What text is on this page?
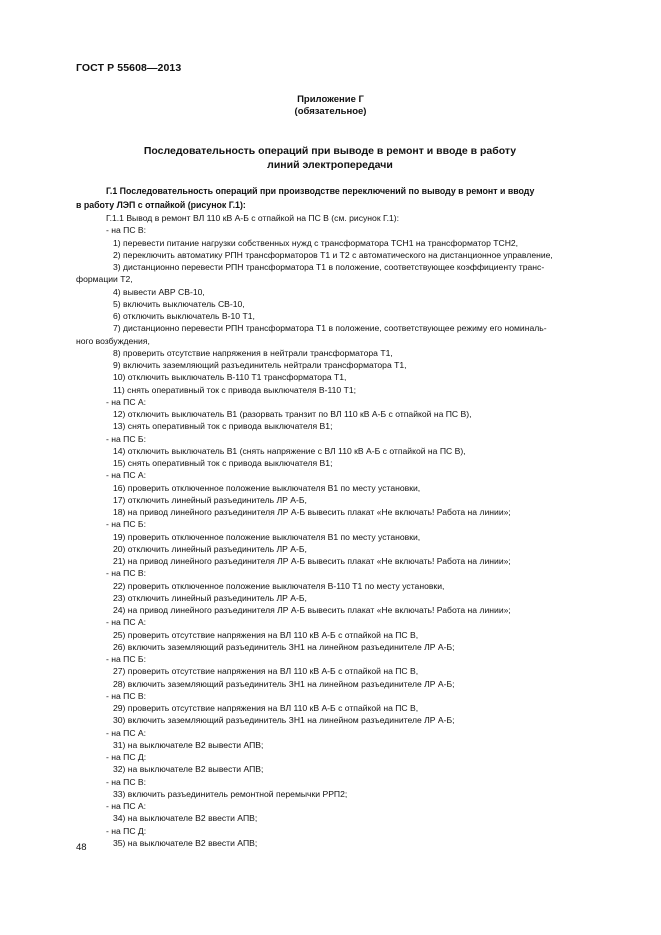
ГОСТ Р 55608—2013
Приложение Г
(обязательное)
Последовательность операций при выводе в ремонт и вводе в работу
линий электропередачи
Г.1 Последовательность операций при производстве переключений по выводу в ремонт и вводу
в работу ЛЭП с отпайкой (рисунок Г.1):
Г.1.1 Вывод в ремонт ВЛ 110 кВ А-Б с отпайкой на ПС В (см. рисунок Г.1):
- на ПС В:
1) перевести питание нагрузки собственных нужд с трансформатора ТСН1 на трансформатор ТСН2,
2) переключить автоматику РПН трансформаторов Т1 и Т2 с автоматического на дистанционное управление,
3) дистанционно перевести РПН трансформатора Т1 в положение, соответствующее коэффициенту транс-
формации Т2,
4) вывести АВР СВ-10,
5) включить выключатель СВ-10,
6) отключить выключатель В-10 Т1,
7) дистанционно перевести РПН трансформатора Т1 в положение, соответствующее режиму его номиналь-
ного возбуждения,
8) проверить отсутствие напряжения в нейтрали трансформатора Т1,
9) включить заземляющий разъединитель нейтрали трансформатора Т1,
10) отключить выключатель В-110 Т1 трансформатора Т1,
11) снять оперативный ток с привода выключателя В-110 Т1;
- на ПС А:
12) отключить выключатель В1 (разорвать транзит по ВЛ 110 кВ А-Б с отпайкой на ПС В),
13) снять оперативный ток с привода выключателя В1;
- на ПС Б:
14) отключить выключатель В1 (снять напряжение с ВЛ 110 кВ А-Б с отпайкой на ПС В),
15) снять оперативный ток с привода выключателя В1;
- на ПС А:
16) проверить отключенное положение выключателя В1 по месту установки,
17) отключить линейный разъединитель ЛР А-Б,
18) на привод линейного разъединителя ЛР А-Б вывесить плакат «Не включать! Работа на линии»;
- на ПС Б:
19) проверить отключенное положение выключателя В1 по месту установки,
20) отключить линейный разъединитель ЛР А-Б,
21) на привод линейного разъединителя ЛР А-Б вывесить плакат «Не включать! Работа на линии»;
- на ПС В:
22) проверить отключенное положение выключателя В-110 Т1 по месту установки,
23) отключить линейный разъединитель ЛР А-Б,
24) на привод линейного разъединителя ЛР А-Б вывесить плакат «Не включать! Работа на линии»;
- на ПС А:
25) проверить отсутствие напряжения на ВЛ 110 кВ А-Б с отпайкой на ПС В,
26) включить заземляющий разъединитель ЗН1 на линейном разъединителе ЛР А-Б;
- на ПС Б:
27) проверить отсутствие напряжения на ВЛ 110 кВ А-Б с отпайкой на ПС В,
28) включить заземляющий разъединитель ЗН1 на линейном разъединителе ЛР А-Б;
- на ПС В:
29) проверить отсутствие напряжения на ВЛ 110 кВ А-Б с отпайкой на ПС В,
30) включить заземляющий разъединитель ЗН1 на линейном разъединителе ЛР А-Б;
- на ПС А:
31) на выключателе В2 вывести АПВ;
- на ПС Д:
32) на выключателе В2 вывести АПВ;
- на ПС В:
33) включить разъединитель ремонтной перемычки РРП2;
- на ПС А:
34) на выключателе В2 ввести АПВ;
- на ПС Д:
35) на выключателе В2 ввести АПВ;
48
